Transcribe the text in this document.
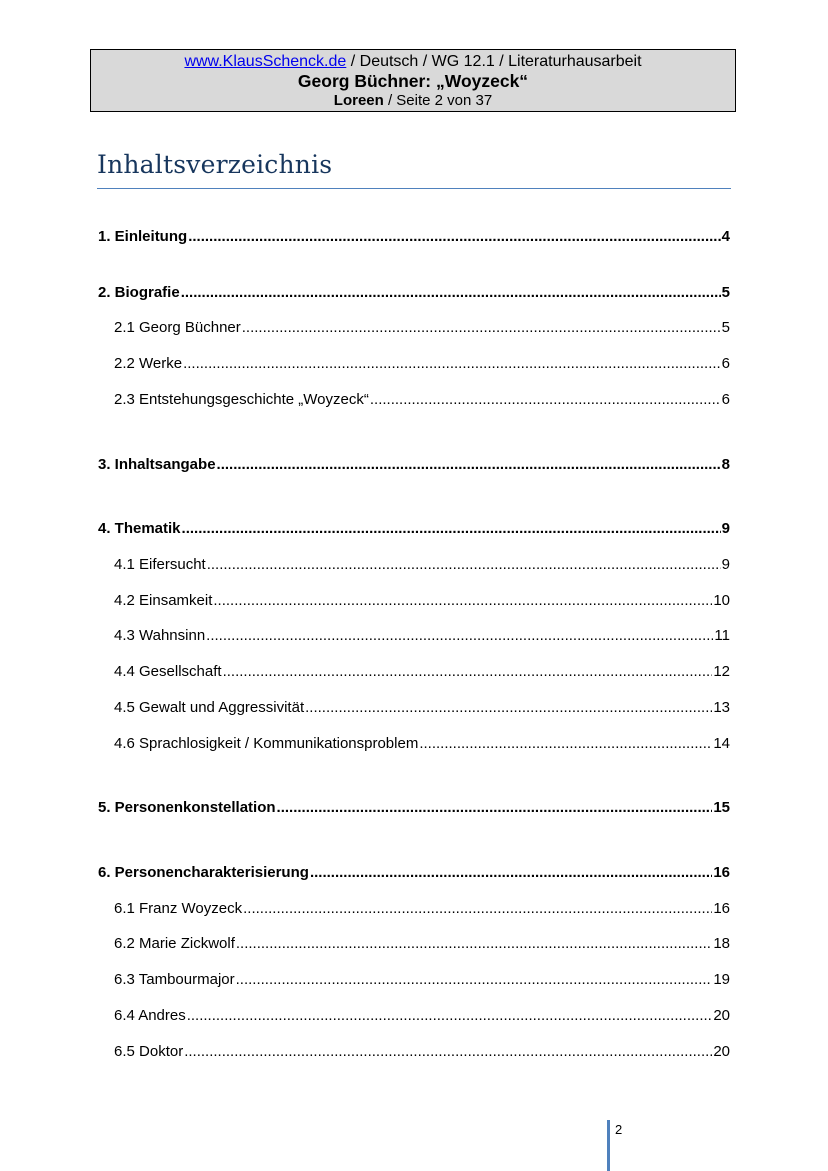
www.KlausSchenck.de / Deutsch / WG 12.1 / Literaturhausarbeit
Georg Büchner: „Woyzeck“
Loreen / Seite 2 von 37
Inhaltsverzeichnis
1. Einleitung .....	4
2. Biografie .....	5
2.1 Georg Büchner .....	5
2.2 Werke .....	6
2.3 Entstehungsgeschichte „Woyzeck“ .....	6
3. Inhaltsangabe .....	8
4. Thematik .....	9
4.1 Eifersucht .....	9
4.2 Einsamkeit .....	10
4.3 Wahnsinn .....	11
4.4 Gesellschaft .....	12
4.5 Gewalt und Aggressivität .....	13
4.6 Sprachlosigkeit / Kommunikationsproblem .....	14
5. Personenkonstellation .....	15
6. Personencharakterisierung .....	16
6.1 Franz Woyzeck .....	16
6.2 Marie Zickwolf .....	18
6.3 Tambourmajor .....	19
6.4 Andres .....	20
6.5 Doktor .....	20
2
